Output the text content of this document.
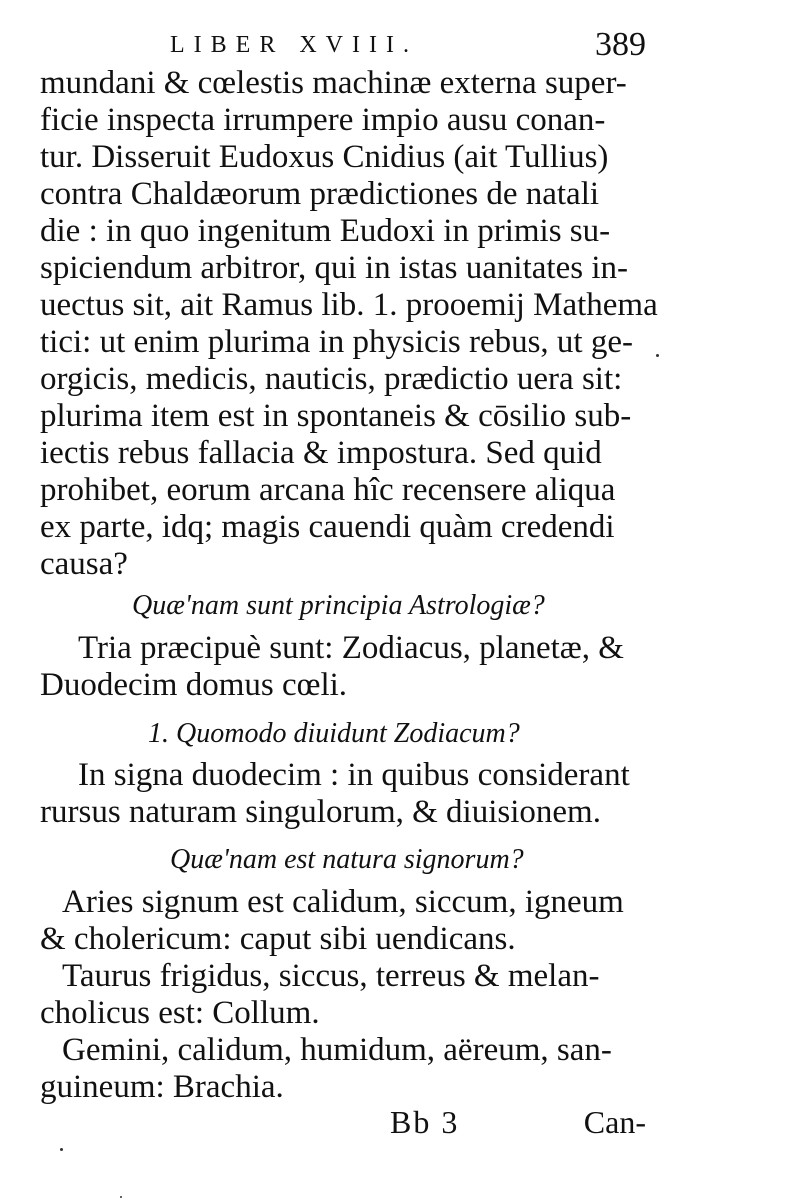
LIBER XVIII.	389

mundani & cœlestis machinæ externa super-

ficie inspecta irrumpere impio ausu conan-

tur. Disseruit Eudoxus Cnidius (ait Tullius)

contra Chaldæorum prædictiones de natali

die : in quo ingenitum Eudoxi in primis su-

spiciendum arbitror, qui in istas uanitates in-

uectus sit, ait Ramus lib. 1. prooemij Mathema

tici: ut enim plurima in physicis rebus, ut ge-

orgicis, medicis, nauticis, prædictio uera sit:

plurima item est in spontaneis & cōsilio sub-

iectis rebus fallacia & impostura. Sed quid

prohibet, eorum arcana hîc recensere aliqua

ex parte, idq; magis cauendi quàm credendi

causa?

Quæ'nam sunt principia Astrologiæ?

Tria præcipuè sunt: Zodiacus, planetæ, &

Duodecim domus cœli.

1. Quomodo diuidunt Zodiacum?

In signa duodecim : in quibus considerant

rursus naturam singulorum, & diuisionem.

Quæ'nam est natura signorum?

Aries signum est calidum, siccum, igneum

& cholericum: caput sibi uendicans.

Taurus frigidus, siccus, terreus & melan-

cholicus est: Collum.

Gemini, calidum, humidum, aëreum, san-

guineum: Brachia.

Bb 3	Can-
